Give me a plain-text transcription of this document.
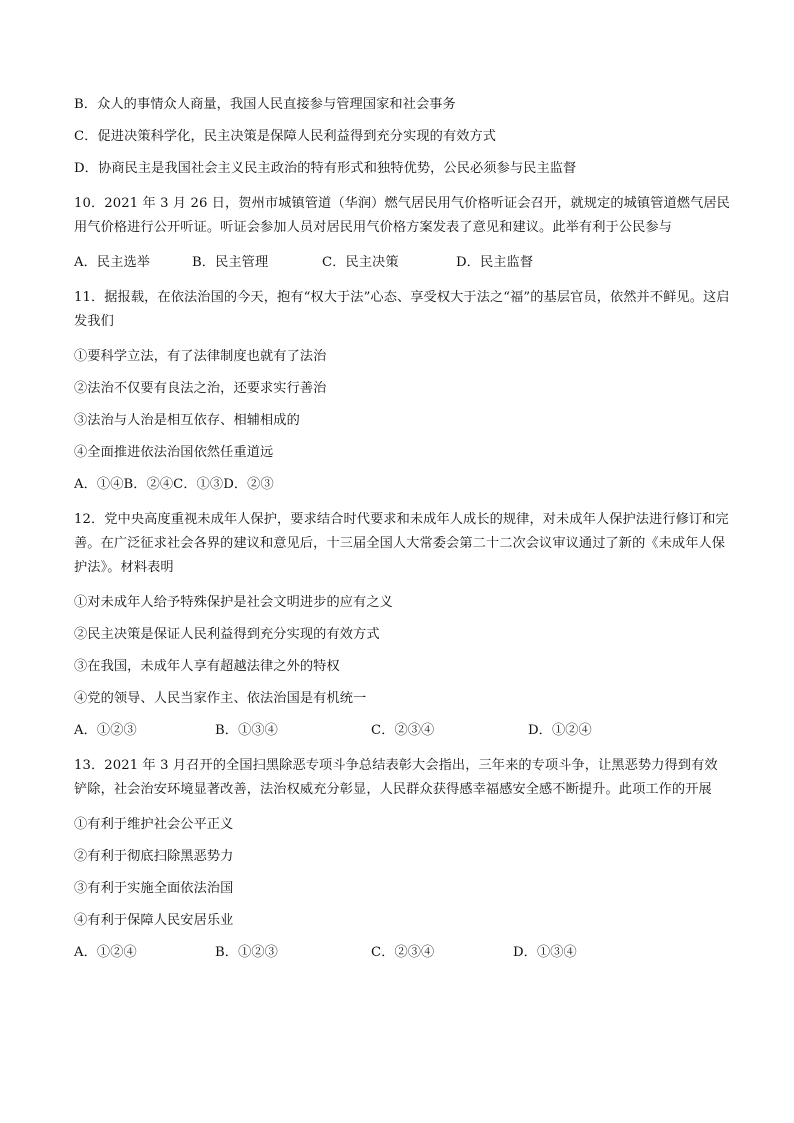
B．众人的事情众人商量，我国人民直接参与管理国家和社会事务
C．促进决策科学化，民主决策是保障人民利益得到充分实现的有效方式
D．协商民主是我国社会主义民主政治的特有形式和独特优势，公民必须参与民主监督
10．2021 年 3 月 26 日，贺州市城镇管道（华润）燃气居民用气价格听证会召开，就规定的城镇管道燃气居民用气价格进行公开听证。听证会参加人员对居民用气价格方案发表了意见和建议。此举有利于公民参与
A．民主选举	B．民主管理	C．民主决策	D．民主监督
11．据报载，在依法治国的今天，抱有“权大于法”心态、享受权大于法之“福”的基层官员，依然并不鲜见。这启发我们
①要科学立法，有了法律制度也就有了法治
②法治不仅要有良法之治，还要求实行善治
③法治与人治是相互依存、相辅相成的
④全面推进依法治国依然任重道远
A．①④B．②④C．①③D．②③
12．党中央高度重视未成年人保护，要求结合时代要求和未成年人成长的规律，对未成年人保护法进行修订和完善。在广泛征求社会各界的建议和意见后，十三届全国人大常委会第二十二次会议审议通过了新的《未成年人保护法》。材料表明
①对未成年人给予特殊保护是社会文明进步的应有之义
②民主决策是保证人民利益得到充分实现的有效方式
③在我国，未成年人享有超越法律之外的特权
④党的领导、人民当家作主、依法治国是有机统一
A．①②③	B．①③④	C．②③④	D．①②④
13．2021 年 3 月召开的全国扫黑除恶专项斗争总结表彰大会指出，三年来的专项斗争，让黑恶势力得到有效铲除，社会治安环境显著改善，法治权威充分彰显，人民群众获得感幸福感安全感不断提升。此项工作的开展
①有利于维护社会公平正义
②有利于彻底扫除黑恶势力
③有利于实施全面依法治国
④有利于保障人民安居乐业
A．①②④	B．①②③	C．②③④	D．①③④
